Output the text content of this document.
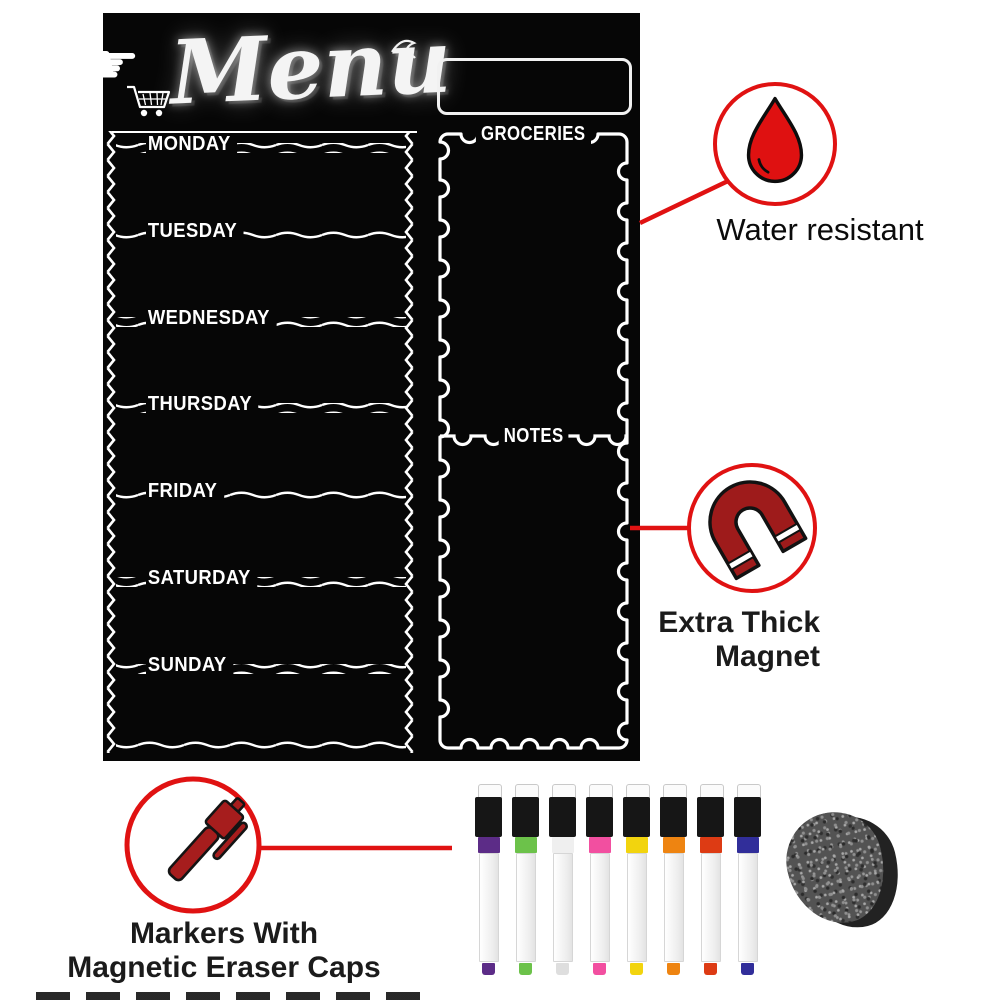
☛ Menu
MONDAY
TUESDAY
WEDNESDAY
THURSDAY
FRIDAY
SATURDAY
SUNDAY
GROCERIES
NOTES
Water resistant
Extra Thick
Magnet
Markers With
Magnetic Eraser Caps
